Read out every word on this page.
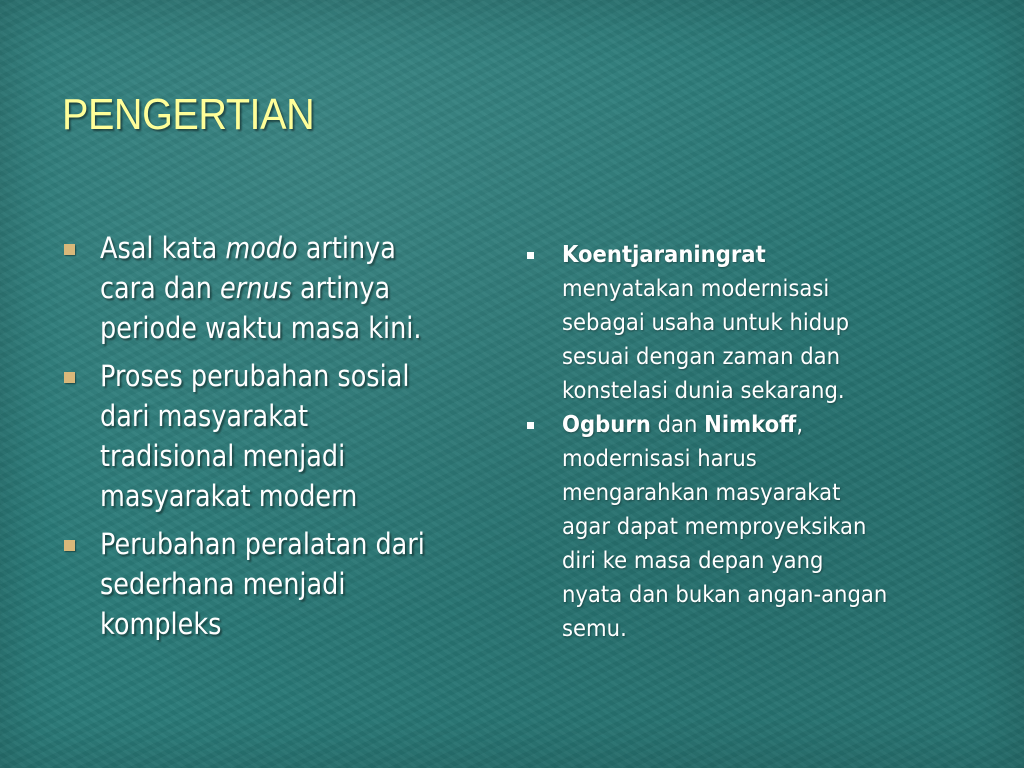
PENGERTIAN
Asal kata modo artinya
cara dan ernus artinya
periode waktu masa kini.
Proses perubahan sosial
dari masyarakat
tradisional menjadi
masyarakat modern
Perubahan peralatan dari
sederhana menjadi
kompleks
Koentjaraningrat
menyatakan modernisasi
sebagai usaha untuk hidup
sesuai dengan zaman dan
konstelasi dunia sekarang.
Ogburn dan Nimkoff,
modernisasi harus
mengarahkan masyarakat
agar dapat memproyeksikan
diri ke masa depan yang
nyata dan bukan angan-angan
semu.
